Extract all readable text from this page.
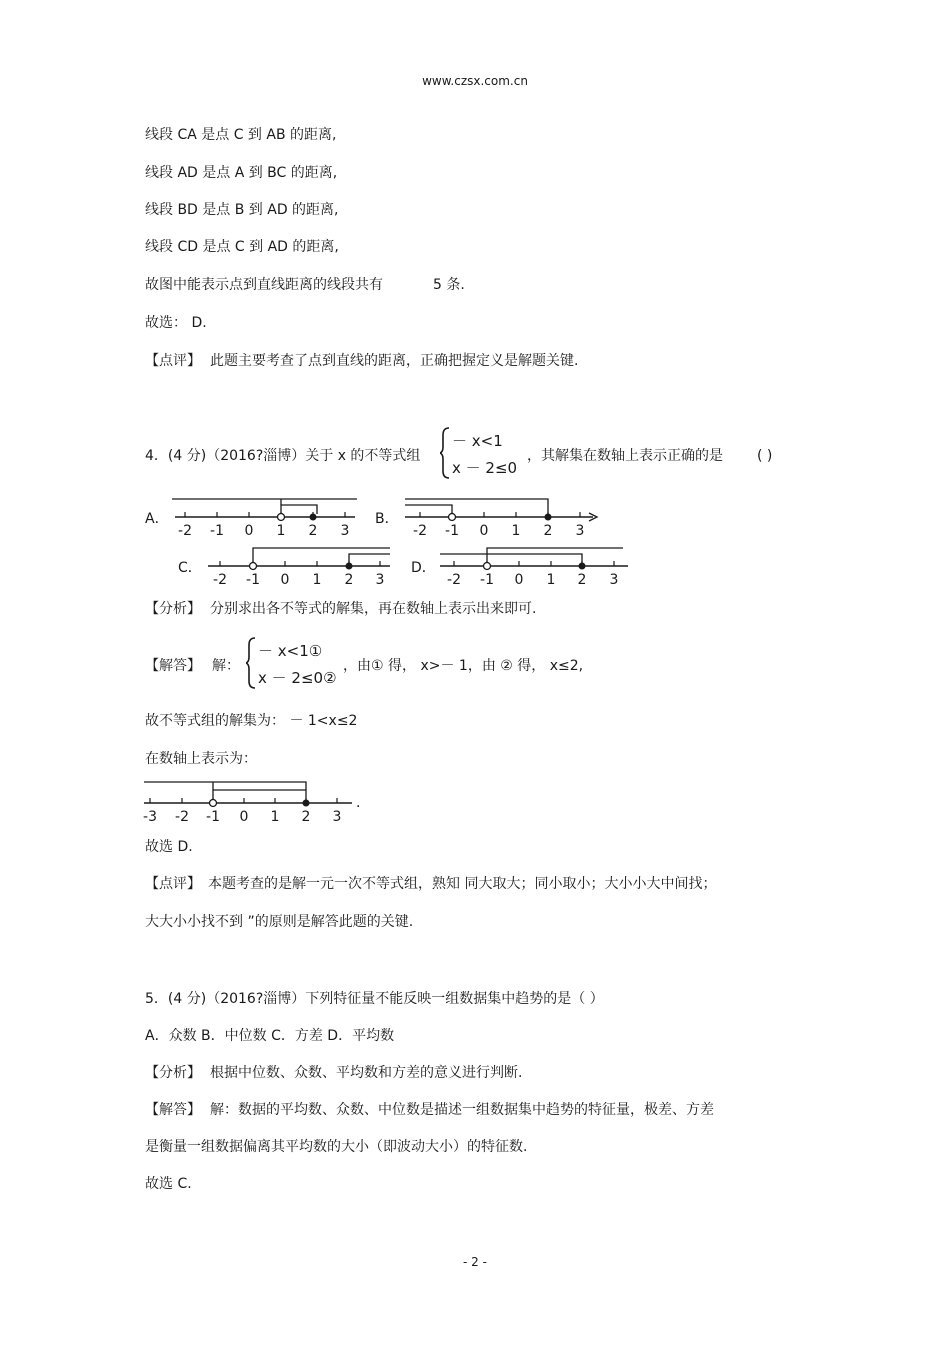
www.czsx.com.cn
线段 CA 是点 C 到 AB 的距离,
线段 AD 是点 A 到 BC 的距离,
线段 BD 是点 B 到 AD 的距离,
线段 CD 是点 C 到 AD 的距离,
故图中能表示点到直线距离的线段共有	5 条.
故选： D.
【点评】 此题主要考查了点到直线的距离，正确把握定义是解题关键.
4．(4 分)（2016?淄博）关于 x 的不等式组
－ x<1
x － 2≤0
，其解集在数轴上表示正确的是 ( )
A．
-2 -1 0 1 2 3
B．
-2 -1 0 1 2 3
C．
-2 -1 0 1 2 3
D．
-2 -1 0 1 2 3
【分析】 分别求出各不等式的解集，再在数轴上表示出来即可.
【解答】 解：
－ x<1①
x － 2≤0②
，由① 得， x>－ 1，由 ② 得， x≤2,
故不等式组的解集为： － 1<x≤2
在数轴上表示为：
-3 -2 -1 0 1 2 3
.
故选 D.
【点评】 本题考查的是解一元一次不等式组，熟知 同大取大；同小取小；大小小大中间找；
大大小小找不到 ”的原则是解答此题的关键.
5．(4 分)（2016?淄博）下列特征量不能反映一组数据集中趋势的是（ ）
A．众数 B．中位数 C．方差 D．平均数
【分析】 根据中位数、众数、平均数和方差的意义进行判断.
【解答】 解：数据的平均数、众数、中位数是描述一组数据集中趋势的特征量，极差、方差
是衡量一组数据偏离其平均数的大小（即波动大小）的特征数.
故选 C.
- 2 -
